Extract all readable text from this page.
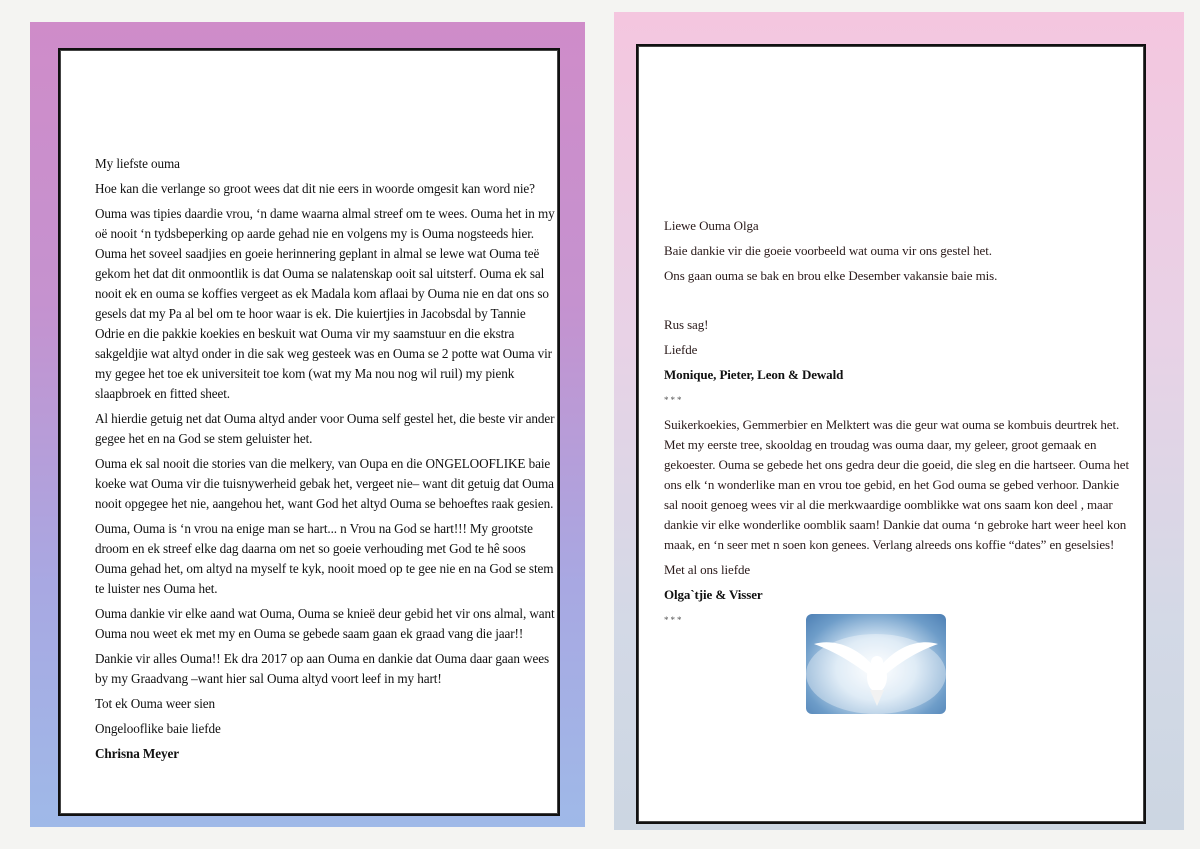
My liefste ouma

Hoe kan die verlange so groot wees dat dit nie eers in woorde omgesit kan word nie?

Ouma was tipies daardie vrou, ‘n dame waarna almal streef om te wees. Ouma het in my oë nooit ‘n tydsbeperking op aarde gehad nie en volgens my is Ouma nogsteeds hier. Ouma het soveel saadjies en goeie herinnering geplant in almal se lewe wat Ouma teë gekom het dat dit onmoontlik is dat Ouma se nalatenskap ooit sal uitsterf. Ouma ek sal nooit ek en ouma se koffies vergeet as ek Madala kom aflaai by Ouma nie en dat ons so gesels dat my Pa al bel om te hoor waar is ek. Die kuiertjies in Jacobsdal by Tannie Odrie en die pakkie koekies en beskuit wat Ouma vir my saamstuur en die ekstra sakgeldjie wat altyd onder in die sak weg gesteek was en Ouma se 2 potte wat Ouma vir my gegee het toe ek universiteit toe kom (wat my Ma nou nog wil ruil) my pienk slaapbroek en fitted sheet.

Al hierdie getuig net dat Ouma altyd ander voor Ouma self gestel het, die beste vir ander gegee het en na God se stem geluister het.

Ouma ek sal nooit die stories van die melkery, van Oupa en die ONGELOOFLIKE baie koeke wat Ouma vir die tuisnywerheid gebak het, vergeet nie– want dit getuig dat Ouma nooit opgegee het nie, aangehou het, want God het altyd Ouma se behoeftes raak gesien.

Ouma, Ouma is ‘n vrou na enige man se hart... n Vrou na God se hart!!! My grootste droom en ek streef elke dag daarna om net so goeie verhouding met God te hê soos Ouma gehad het, om altyd na myself te kyk, nooit moed op te gee nie en na God se stem te luister nes Ouma het.

Ouma dankie vir elke aand wat Ouma, Ouma se knieë deur gebid het vir ons almal, want Ouma nou weet ek met my en Ouma se gebede saam gaan ek graad vang die jaar!!

Dankie vir alles Ouma!! Ek dra 2017 op aan Ouma en dankie dat Ouma daar gaan wees by my Graadvang –want hier sal Ouma altyd voort leef in my hart!

Tot ek Ouma weer sien

Ongelooflike baie liefde

Chrisna Meyer

Liewe Ouma Olga

Baie dankie vir die goeie voorbeeld wat ouma vir ons gestel het.

Ons gaan ouma se bak en brou elke Desember vakansie baie mis.

Rus sag!

Liefde

Monique, Pieter, Leon & Dewald

***

Suikerkoekies, Gemmerbier en Melktert was die geur wat ouma se kombuis deurtrek het. Met my eerste tree, skooldag en troudag was ouma daar, my geleer, groot gemaak en gekoester. Ouma se gebede het ons gedra deur die goeid, die sleg en die hartseer. Ouma het ons elk ‘n wonderlike man en vrou toe gebid, en het God ouma se gebed verhoor. Dankie sal nooit genoeg wees vir al die merkwaardige oomblikke wat ons saam kon deel , maar dankie vir elke wonderlike oomblik saam! Dankie dat ouma ‘n gebroke hart weer heel kon maak, en ‘n seer met n soen kon genees. Verlang alreeds ons koffie “dates” en geselsies!

Met al ons liefde

Olga`tjie & Visser

***
